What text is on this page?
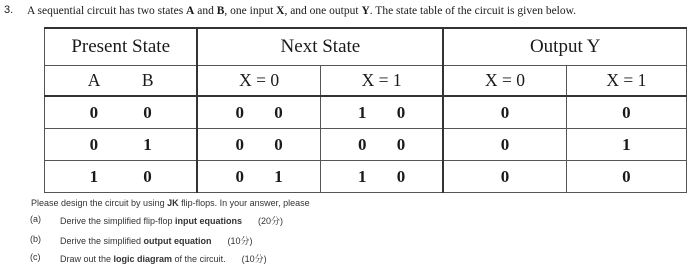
3. A sequential circuit has two states A and B, one input X, and one output Y. The state table of the circuit is given below.
Present State	Next State		Output Y	

A B	X = 0	X = 1	X = 0	X = 1

0 0	0 0	1 0	0	0

0 1	0 0	0 0	0	1

1 0	0 1	1 0	0	0
Please design the circuit by using JK flip-flops. In your answer, please
(a) Derive the simplified flip-flop input equations (20分)
(b) Derive the simplified output equation (10分)
(c) Draw out the logic diagram of the circuit. (10分)
